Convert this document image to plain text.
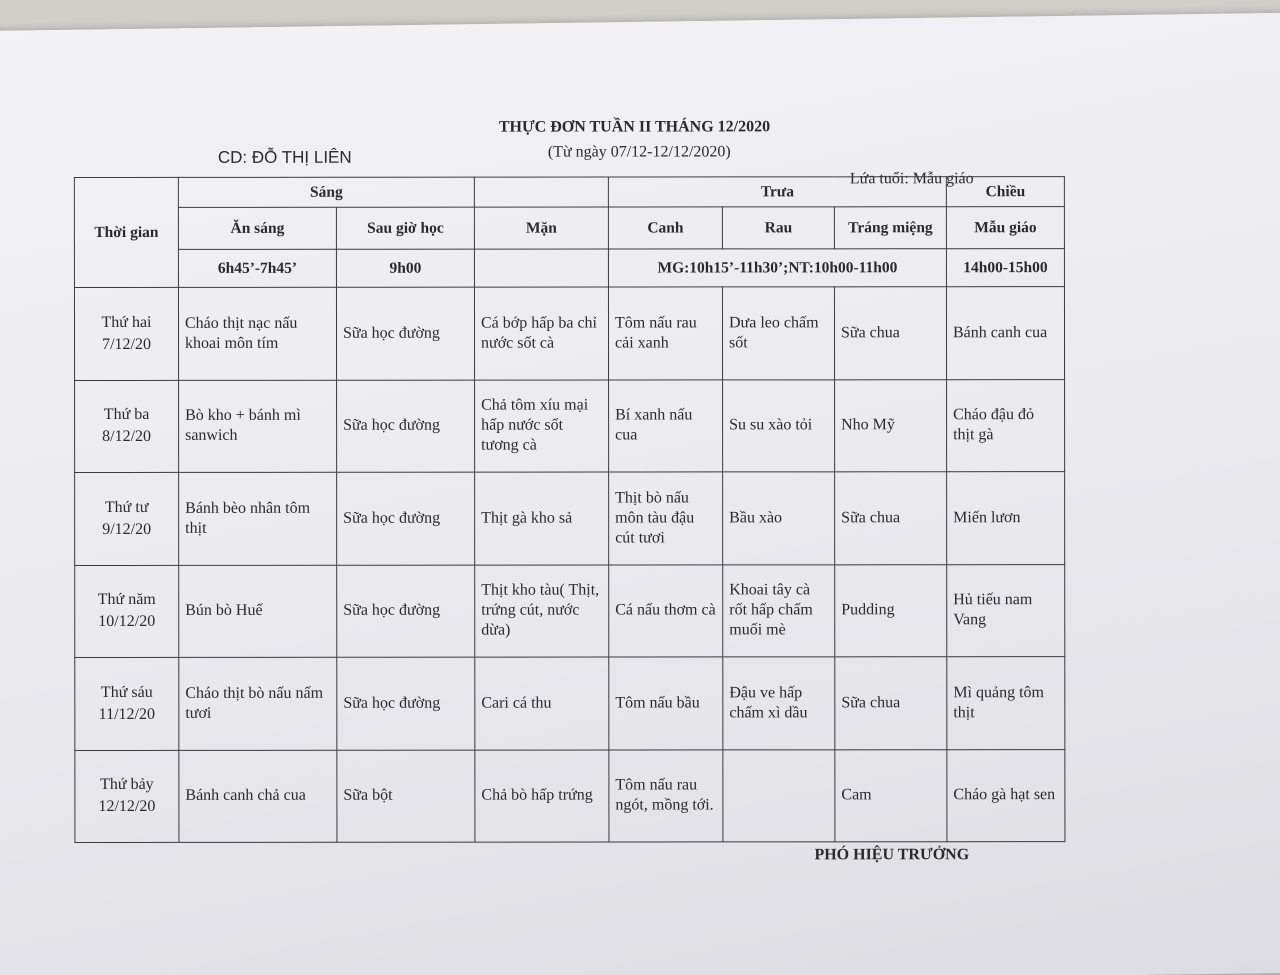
THỰC ĐƠN TUẦN II THÁNG 12/2020
(Từ ngày 07/12-12/12/2020)
CD: ĐỖ THỊ LIÊN
Lứa tuổi: Mẫu giáo
Thời gian	Sáng			Trưa			Chiều
	Ăn sáng	Sau giờ học	Mặn	Canh	Rau	Tráng miệng	Mẫu giáo
	6h45’-7h45’	9h00		MG:10h15’-11h30’;NT:10h00-11h00			14h00-15h00

Thứ hai
7/12/20	Cháo thịt nạc nấu khoai môn tím	Sữa học đường	Cá bớp hấp ba chỉ nước sốt cà	Tôm nấu rau cải xanh	Dưa leo chấm sốt	Sữa chua	Bánh canh cua

Thứ ba
8/12/20	Bò kho + bánh mì sanwich	Sữa học đường	Chả tôm xíu mại hấp nước sốt tương cà	Bí xanh nấu cua	Su su xào tỏi	Nho Mỹ	Cháo đậu đỏ thịt gà

Thứ tư
9/12/20	Bánh bèo nhân tôm thịt	Sữa học đường	Thịt gà kho sả	Thịt bò nấu môn tàu đậu cút tươi	Bầu xào	Sữa chua	Miến lươn

Thứ năm
10/12/20	Bún bò Huế	Sữa học đường	Thịt kho tàu( Thịt, trứng cút, nước dừa)	Cá nấu thơm cà	Khoai tây cà rốt hấp chấm muối mè	Pudding	Hủ tiếu nam Vang

Thứ sáu
11/12/20	Cháo thịt bò nấu nấm tươi	Sữa học đường	Cari cá thu	Tôm nấu bầu	Đậu ve hấp chấm xì dầu	Sữa chua	Mì quảng tôm thịt

Thứ bảy
12/12/20	Bánh canh chả cua	Sữa bột	Chả bò hấp trứng	Tôm nấu rau ngót, mồng tới.		Cam	Cháo gà hạt sen
PHÓ HIỆU TRƯỞNG
